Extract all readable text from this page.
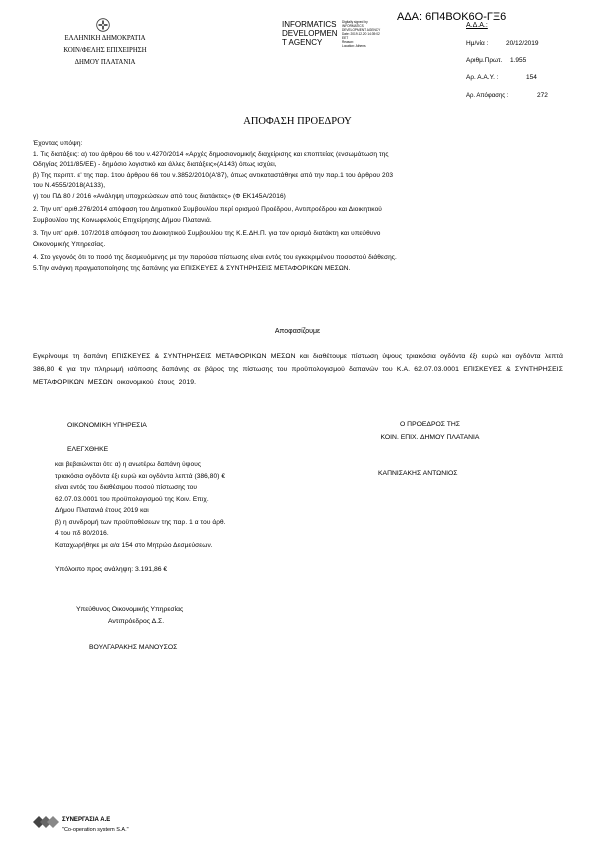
ΕΛΛΗΝΙΚΗ ΔΗΜΟΚΡΑΤΙΑ
ΚΟΙΝ/ΦΕΛΗΣ ΕΠΙΧΕΙΡΗΣΗ
ΔΗΜΟΥ ΠΛΑΤΑΝΙΑ
INFORMATICS
DEVELOPMEN
T AGENCY
Digitally signed by
INFORMATICS
DEVELOPMENT AGENCY
Date: 2019.12.20 14:39:02
EET
Reason:
Location: Athens
ΑΔΑ: 6Π4ΒΟΚ6Ο-ΓΞ6
Α.Δ.Α.:
Ημ/νία :	20/12/2019
Αριθμ.Πρωτ. 1.955
Αρ. Α.Α.Υ. :	154
Αρ. Απόφασης :	272
ΑΠΟΦΑΣΗ ΠΡΟΕΔΡΟΥ
Έχοντας υπόψη:
1. Τις διατάξεις: α) του άρθρου 66 του ν.4270/2014 «Αρχές δημοσιονομικής διαχείρισης και εποπτείας (ενσωμάτωση της
Οδηγίας 2011/85/ΕΕ) - δημόσιο λογιστικό και άλλες διατάξεις»(Α143) όπως ισχύει,
β) Της περιπτ. ε' της παρ. 1του άρθρου 66 του ν.3852/2010(Α'87), όπως αντικαταστάθηκε από την παρ.1 του άρθρου 203
του Ν.4555/2018(Α133),
γ) του ΠΔ 80 / 2016 «Ανάληψη υποχρεώσεων από τους διατάκτες» (Φ ΕΚ145Α/2016)
2. Την υπ' αριθ.276/2014 απόφαση του Δημοτικού Συμβουλίου περί ορισμού Προέδρου, Αντιπροέδρου και Διοικητικού
Συμβουλίου της Κοινωφελούς Επιχείρησης Δήμου Πλατανιά.
3. Την υπ' αριθ. 107/2018 απόφαση του Διοικητικού Συμβουλίου της Κ.Ε.ΔΗ.Π. για τον ορισμό διατάκτη και υπεύθυνο
Οικονομικής Υπηρεσίας.
4. Στο γεγονός ότι το ποσό της δεσμευόμενης με την παρούσα πίστωσης είναι εντός του εγκεκριμένου ποσοστού διάθεσης.
5.Την ανάγκη πραγματοποίησης της δαπάνης για ΕΠΙΣΚΕΥΕΣ & ΣΥΝΤΗΡΗΣΕΙΣ ΜΕΤΑΦΟΡΙΚΩΝ ΜΕΣΩΝ.
Αποφασίζουμε
Εγκρίνουμε τη δαπάνη ΕΠΙΣΚΕΥΕΣ & ΣΥΝΤΗΡΗΣΕΙΣ ΜΕΤΑΦΟΡΙΚΩΝ ΜΕΣΩΝ και διαθέτουμε πίστωση ύψους τριακόσια ογδόντα έξι ευρώ και ογδόντα λεπτά 386,80 € για την πληρωμή ισόποσης δαπάνης σε βάρος της πίστωσης του προϋπολογισμού δαπανών του Κ.Α. 62.07.03.0001 ΕΠΙΣΚΕΥΕΣ & ΣΥΝΤΗΡΗΣΕΙΣ ΜΕΤΑΦΟΡΙΚΩΝ ΜΕΣΩΝ οικονομικού έτους 2019.
ΟΙΚΟΝΟΜΙΚΗ ΥΠΗΡΕΣΙΑ
ΕΛΕΓΧΘΗΚΕ
και βεβαιώνεται ότι: α) η ανωτέρω δαπάνη ύψους
τριακόσια ογδόντα έξι ευρώ και ογδόντα λεπτά (386,80) €
είναι εντός του διαθέσιμου ποσού πίστωσης του
62.07.03.0001 του προϋπολογισμού της Κοιν. Επιχ.
Δήμου Πλατανιά έτους 2019 και
β) η συνδρομή των προϋποθέσεων της παρ. 1 α του άρθ.
4 του πδ 80/2016.
Καταχωρήθηκε με α/α 154 στο Μητρώο Δεσμεύσεων.
Υπόλοιπο προς ανάληψη: 3.191,86 €
Υπεύθυνος Οικονομικής Υπηρεσίας
Αντιπρόεδρος Δ.Σ.
ΒΟΥΛΓΑΡΑΚΗΣ ΜΑΝΟΥΣΟΣ
Ο ΠΡΟΕΔΡΟΣ ΤΗΣ
ΚΟΙΝ. ΕΠΙΧ. ΔΗΜΟΥ ΠΛΑΤΑΝΙΑ
ΚΑΠΝΙΣΑΚΗΣ ΑΝΤΩΝΙΟΣ
ΣΥΝΕΡΓΑΣΙΑ Α.Ε
"Co-operation system S.A."
